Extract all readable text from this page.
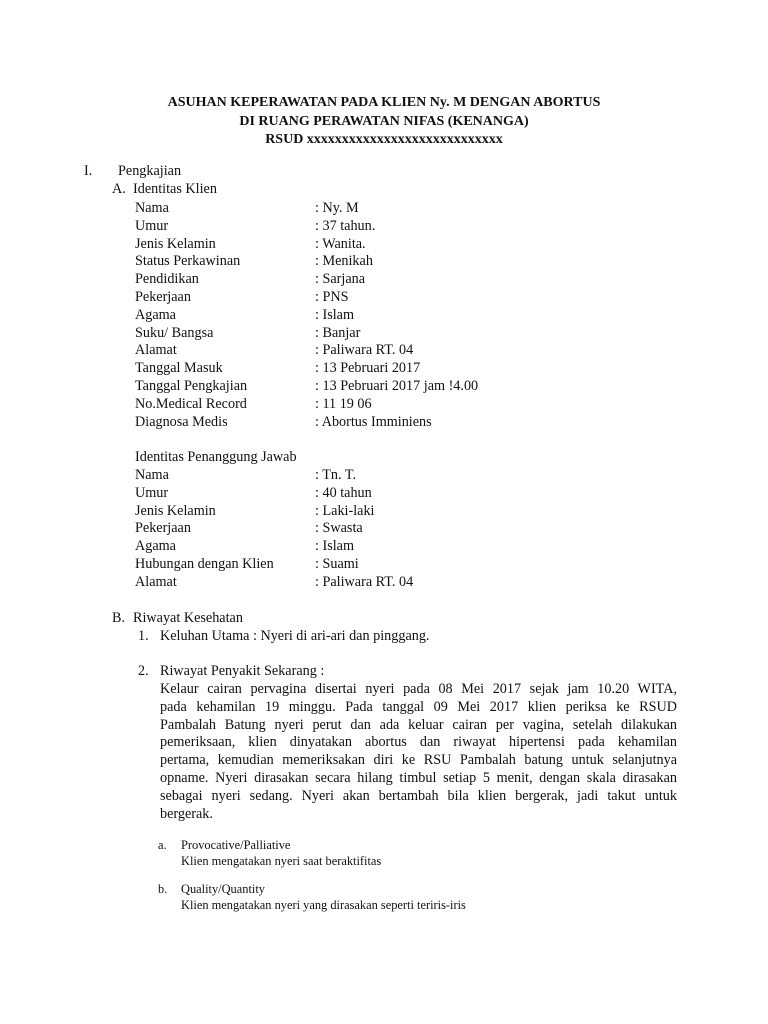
ASUHAN KEPERAWATAN PADA KLIEN Ny. M DENGAN ABORTUS
DI RUANG PERAWATAN NIFAS (KENANGA)
RSUD xxxxxxxxxxxxxxxxxxxxxxxxxxxx
I. Pengkajian
A. Identitas Klien
Nama	: Ny. M
Umur	: 37 tahun.
Jenis Kelamin	: Wanita.
Status Perkawinan	: Menikah
Pendidikan	: Sarjana
Pekerjaan	: PNS
Agama	: Islam
Suku/ Bangsa	: Banjar
Alamat	: Paliwara RT. 04
Tanggal Masuk	: 13 Pebruari 2017
Tanggal Pengkajian	: 13 Pebruari 2017 jam !4.00
No.Medical Record	: 11 19 06
Diagnosa Medis	: Abortus Imminiens
Identitas Penanggung Jawab
Nama	: Tn. T.
Umur	: 40 tahun
Jenis Kelamin	: Laki-laki
Pekerjaan	: Swasta
Agama	: Islam
Hubungan dengan Klien	: Suami
Alamat	: Paliwara RT. 04
B. Riwayat Kesehatan
1. Keluhan Utama : Nyeri di ari-ari dan pinggang.
2. Riwayat Penyakit Sekarang :
Kelaur cairan pervagina disertai nyeri pada 08 Mei 2017 sejak jam 10.20 WITA,
pada kehamilan 19 minggu. Pada tanggal 09 Mei 2017 klien periksa ke RSUD
Pambalah Batung nyeri perut dan ada keluar cairan per vagina, setelah dilakukan
pemeriksaan, klien dinyatakan abortus dan riwayat hipertensi pada kehamilan
pertama, kemudian memeriksakan diri ke RSU Pambalah batung untuk selanjutnya
opname. Nyeri dirasakan secara hilang timbul setiap 5 menit, dengan skala dirasakan
sebagai nyeri sedang. Nyeri akan bertambah bila klien bergerak, jadi takut untuk
bergerak.
a. Provocative/Palliative
Klien mengatakan nyeri saat beraktifitas
b. Quality/Quantity
Klien mengatakan nyeri yang dirasakan seperti teriris-iris
